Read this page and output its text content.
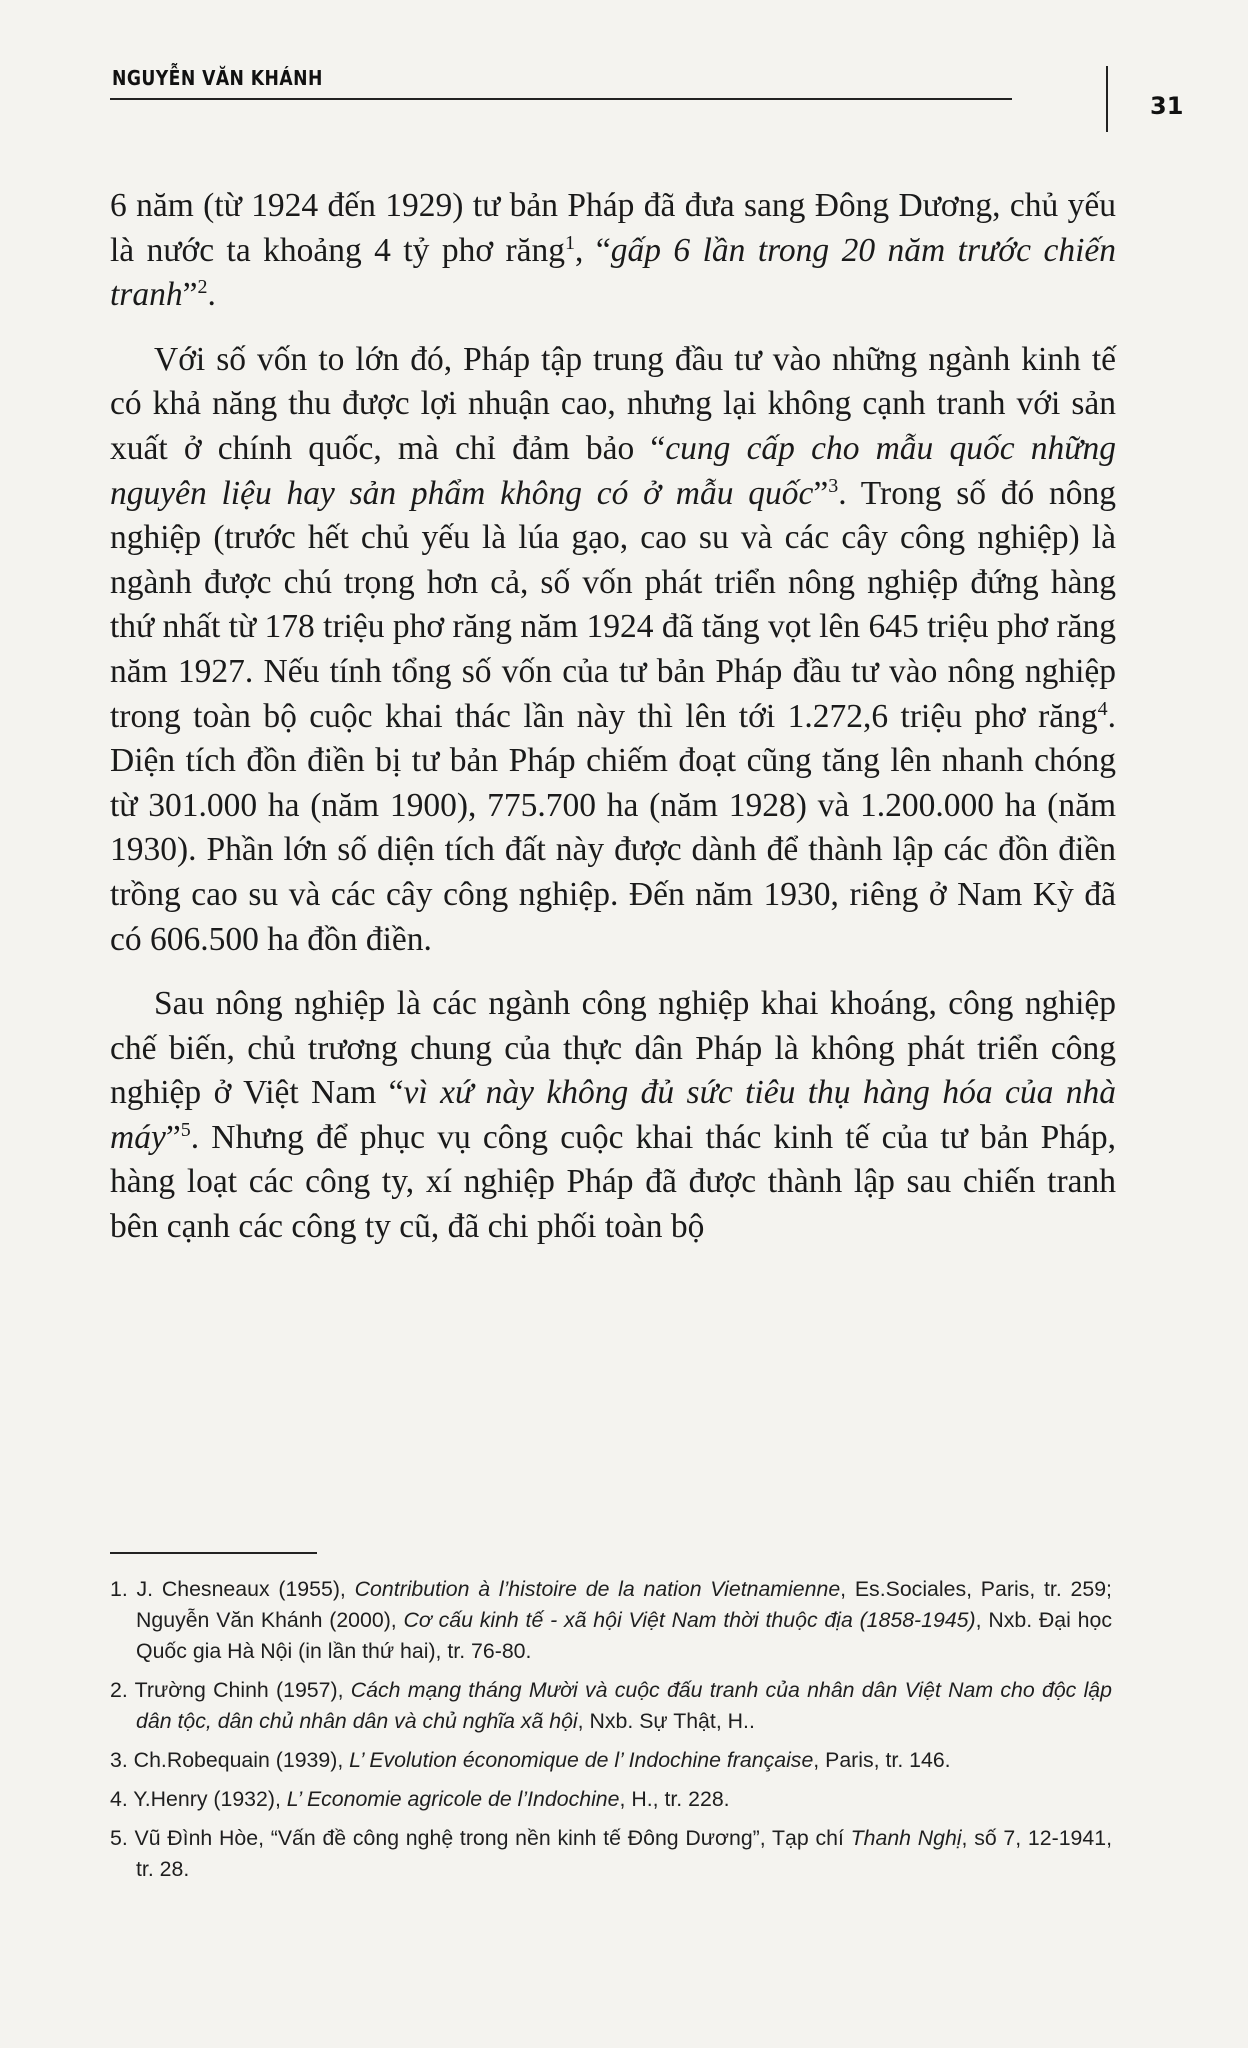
NGUYỄN VĂN KHÁNH
31

6 năm (từ 1924 đến 1929) tư bản Pháp đã đưa sang Đông Dương, chủ yếu là nước ta khoảng 4 tỷ phơ răng$^1$, “gấp 6 lần trong 20 năm trước chiến tranh”$^2$.

Với số vốn to lớn đó, Pháp tập trung đầu tư vào những ngành kinh tế có khả năng thu được lợi nhuận cao, nhưng lại không cạnh tranh với sản xuất ở chính quốc, mà chỉ đảm bảo “cung cấp cho mẫu quốc những nguyên liệu hay sản phẩm không có ở mẫu quốc”$^3$. Trong số đó nông nghiệp (trước hết chủ yếu là lúa gạo, cao su và các cây công nghiệp) là ngành được chú trọng hơn cả, số vốn phát triển nông nghiệp đứng hàng thứ nhất từ 178 triệu phơ răng năm 1924 đã tăng vọt lên 645 triệu phơ răng năm 1927. Nếu tính tổng số vốn của tư bản Pháp đầu tư vào nông nghiệp trong toàn bộ cuộc khai thác lần này thì lên tới 1.272,6 triệu phơ răng$^4$. Diện tích đồn điền bị tư bản Pháp chiếm đoạt cũng tăng lên nhanh chóng từ 301.000 ha (năm 1900), 775.700 ha (năm 1928) và 1.200.000 ha (năm 1930). Phần lớn số diện tích đất này được dành để thành lập các đồn điền trồng cao su và các cây công nghiệp. Đến năm 1930, riêng ở Nam Kỳ đã có 606.500 ha đồn điền.

Sau nông nghiệp là các ngành công nghiệp khai khoáng, công nghiệp chế biến, chủ trương chung của thực dân Pháp là không phát triển công nghiệp ở Việt Nam “vì xứ này không đủ sức tiêu thụ hàng hóa của nhà máy”$^5$. Nhưng để phục vụ công cuộc khai thác kinh tế của tư bản Pháp, hàng loạt các công ty, xí nghiệp Pháp đã được thành lập sau chiến tranh bên cạnh các công ty cũ, đã chi phối toàn bộ

1. J. Chesneaux (1955), Contribution à l’histoire de la nation Vietnamienne, Es.Sociales, Paris, tr. 259; Nguyễn Văn Khánh (2000), Cơ cấu kinh tế - xã hội Việt Nam thời thuộc địa (1858-1945), Nxb. Đại học Quốc gia Hà Nội (in lần thứ hai), tr. 76-80.
2. Trường Chinh (1957), Cách mạng tháng Mười và cuộc đấu tranh của nhân dân Việt Nam cho độc lập dân tộc, dân chủ nhân dân và chủ nghĩa xã hội, Nxb. Sự Thật, H..
3. Ch.Robequain (1939), L’ Evolution économique de l’ Indochine française, Paris, tr. 146.
4. Y.Henry (1932), L’ Economie agricole de l’Indochine, H., tr. 228.
5. Vũ Đình Hòe, “Vấn đề công nghệ trong nền kinh tế Đông Dương”, Tạp chí Thanh Nghị, số 7, 12-1941, tr. 28.
